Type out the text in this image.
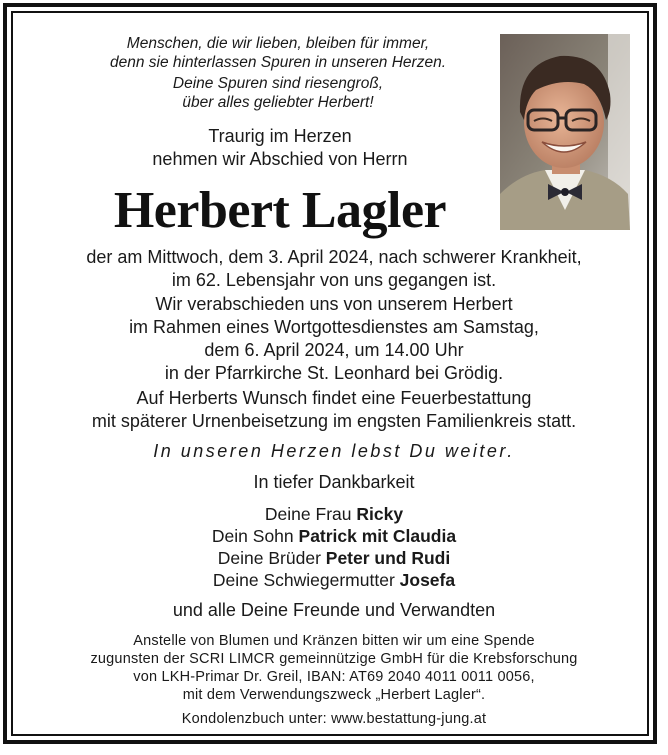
Menschen, die wir lieben, bleiben für immer,
denn sie hinterlassen Spuren in unseren Herzen.
Deine Spuren sind riesengroß,
über alles geliebter Herbert!
Traurig im Herzen
nehmen wir Abschied von Herrn
Herbert Lagler
der am Mittwoch, dem 3. April 2024, nach schwerer Krankheit,
im 62. Lebensjahr von uns gegangen ist.
Wir verabschieden uns von unserem Herbert
im Rahmen eines Wortgottesdienstes am Samstag,
dem 6. April 2024, um 14.00 Uhr
in der Pfarrkirche St. Leonhard bei Grödig.
Auf Herberts Wunsch findet eine Feuerbestattung
mit späterer Urnenbeisetzung im engsten Familienkreis statt.
In unseren Herzen lebst Du weiter.
In tiefer Dankbarkeit
Deine Frau Ricky
Dein Sohn Patrick mit Claudia
Deine Brüder Peter und Rudi
Deine Schwiegermutter Josefa
und alle Deine Freunde und Verwandten
Anstelle von Blumen und Kränzen bitten wir um eine Spende
zugunsten der SCRI LIMCR gemeinnützige GmbH für die Krebsforschung
von LKH-Primar Dr. Greil, IBAN: AT69 2040 4011 0011 0056,
mit dem Verwendungszweck „Herbert Lagler“.
Kondolenzbuch unter: www.bestattung-jung.at
